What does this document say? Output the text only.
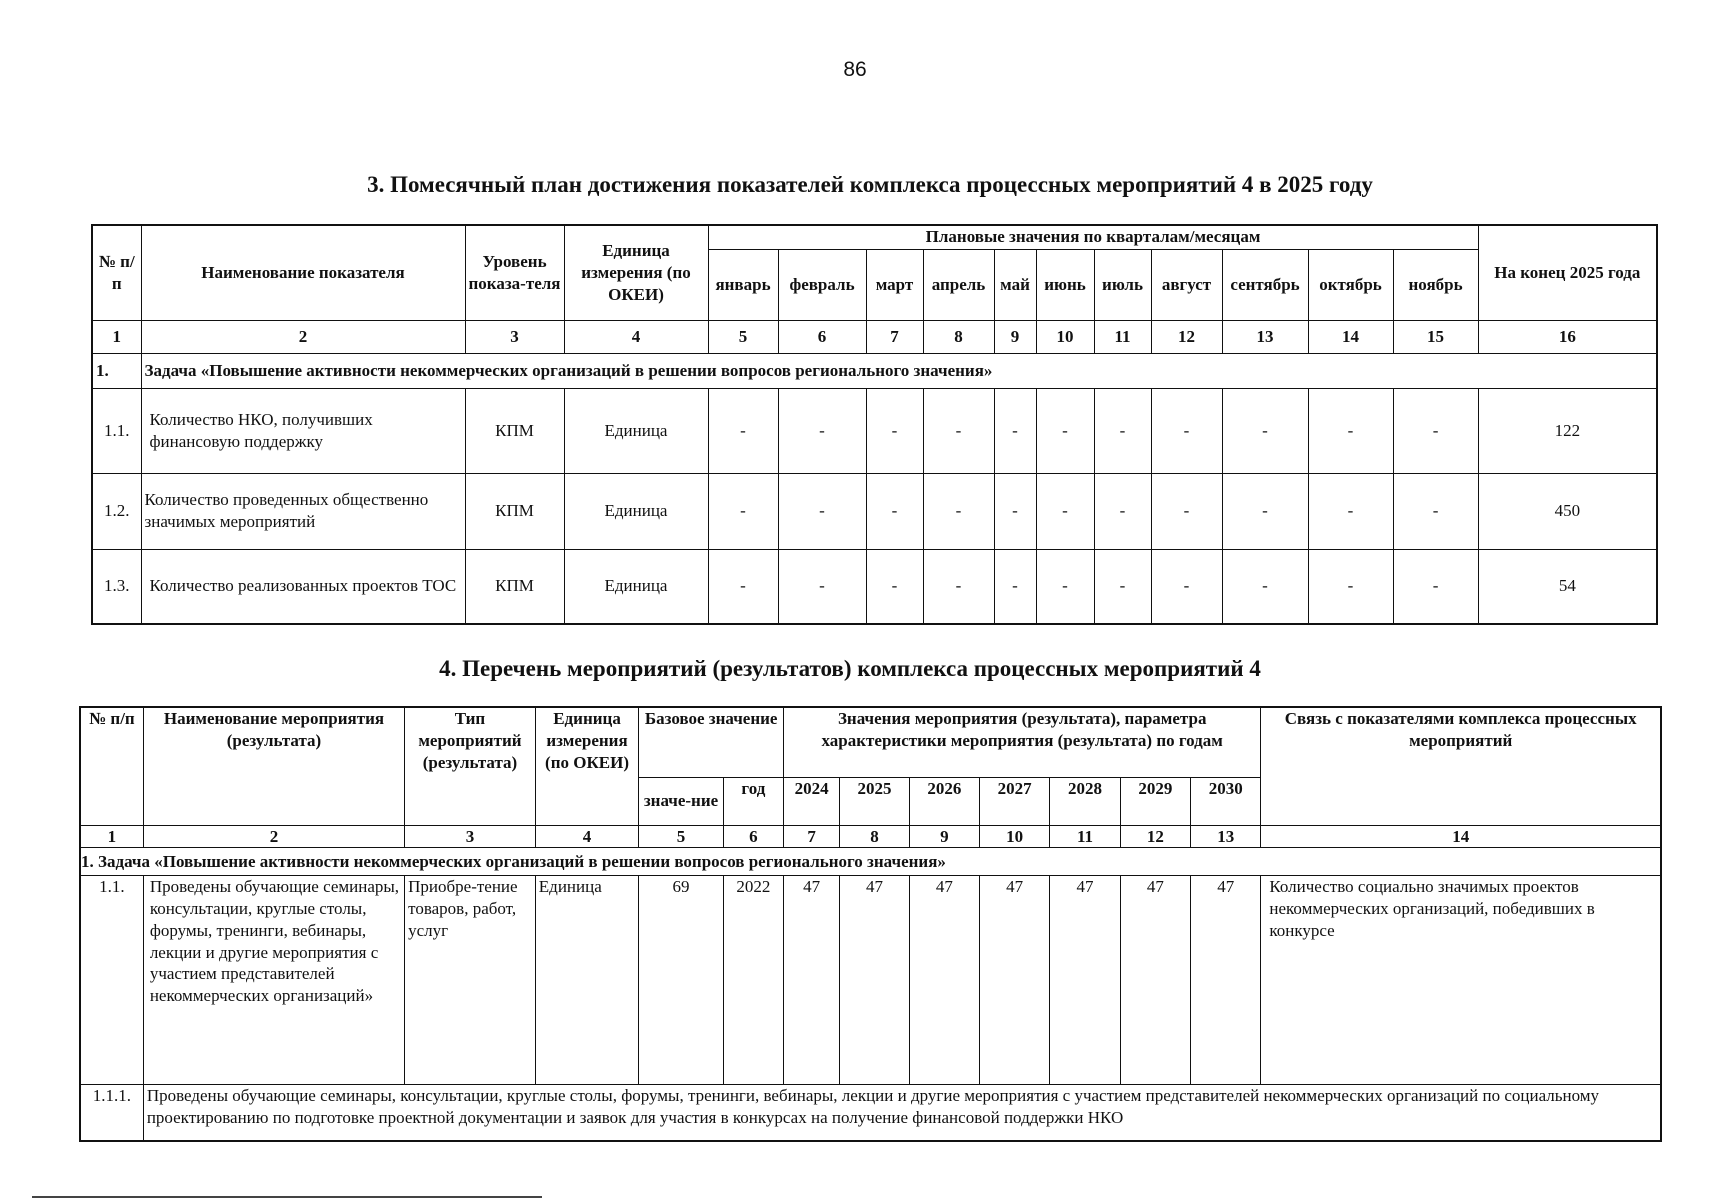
86
3. Помесячный план достижения показателей комплекса процессных мероприятий 4 в 2025 году
№ п/п	Наименование показателя	Уровень показа-теля	Единица измерения (по ОКЕИ)	Плановые значения по кварталам/месяцам											На конец 2025 года
				январь	февраль	март	апрель	май	июнь	июль	август	сентябрь	октябрь	ноябрь	
1	2	3	4	5	6	7	8	9	10	11	12	13	14	15	16
1.	Задача «Повышение активности некоммерческих организаций в решении вопросов регионального значения»														
1.1.	Количество НКО, получивших финансовую поддержку	КПМ	Единица	-	-	-	-	-	-	-	-	-	-	-	122
1.2.	Количество проведенных общественно значимых мероприятий	КПМ	Единица	-	-	-	-	-	-	-	-	-	-	-	450
1.3.	Количество реализованных проектов ТОС	КПМ	Единица	-	-	-	-	-	-	-	-	-	-	-	54
4. Перечень мероприятий (результатов) комплекса процессных мероприятий 4
№ п/п	Наименование мероприятия (результата)	Тип мероприятий (результата)	Единица измерения (по ОКЕИ)	Базовое значение		Значения мероприятия (результата), параметра характеристики мероприятия (результата) по годам							Связь с показателями комплекса процессных мероприятий
				значе-ние	год	2024	2025	2026	2027	2028	2029	2030	
1	2	3	4	5	6	7	8	9	10	11	12	13	14
1. Задача «Повышение активности некоммерческих организаций в решении вопросов регионального значения»													
1.1.	Проведены обучающие семинары, консультации, круглые столы, форумы, тренинги, вебинары, лекции и другие мероприятия с участием представителей некоммерческих организаций»	Приобре-тение товаров, работ, услуг	Единица	69	2022	47	47	47	47	47	47	47	Количество социально значимых проектов некоммерческих организаций, победивших в конкурсе
1.1.1.	Проведены обучающие семинары, консультации, круглые столы, форумы, тренинги, вебинары, лекции и другие мероприятия с участием представителей некоммерческих организаций по социальному проектированию по подготовке проектной документации и заявок для участия в конкурсах на получение финансовой поддержки НКО												
